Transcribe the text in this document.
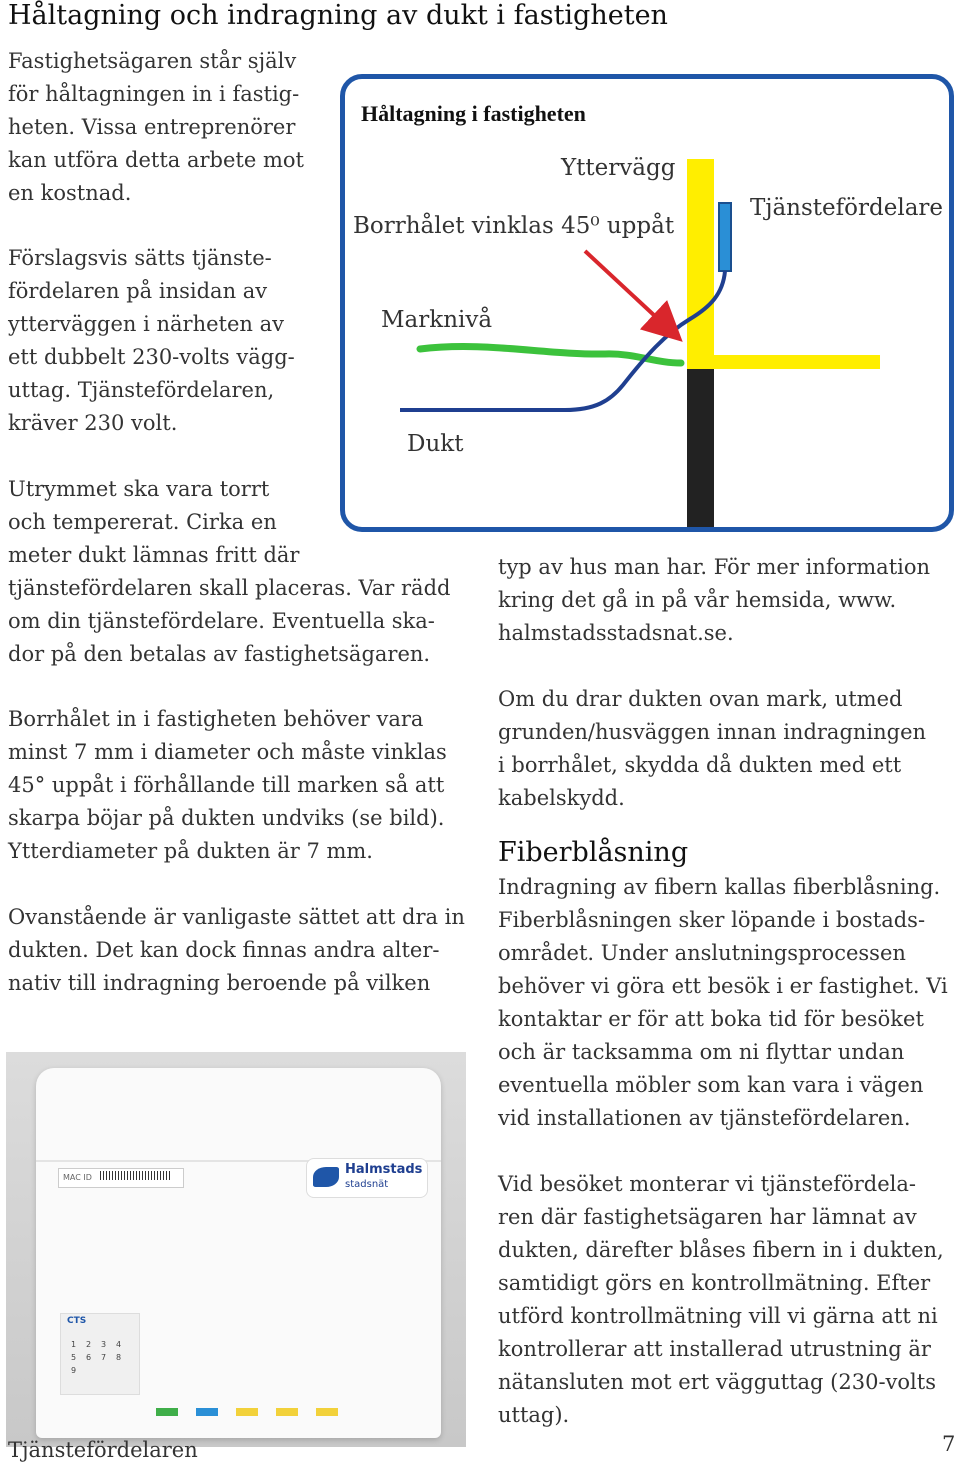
Håltagning och indragning av dukt i fastigheten
Fastighetsägaren står själv
för håltagningen in i fastig-
heten. Vissa entreprenörer
kan utföra detta arbete mot
en kostnad.
Förslagsvis sätts tjänste-
fördelaren på insidan av
ytterväggen i närheten av
ett dubbelt 230-volts vägg-
uttag. Tjänstefördelaren,
kräver 230 volt.
Utrymmet ska vara torrt
och tempererat. Cirka en
meter dukt lämnas fritt där
tjänstefördelaren skall placeras. Var rädd
om din tjänstefördelare. Eventuella ska-
dor på den betalas av fastighetsägaren.
Borrhålet in i fastigheten behöver vara
minst 7 mm i diameter och måste vinklas
45° uppåt i förhållande till marken så att
skarpa böjar på dukten undviks (se bild).
Ytterdiameter på dukten är 7 mm.
Ovanstående är vanligaste sättet att dra in
dukten. Det kan dock finnas andra alter-
nativ till indragning beroende på vilken
typ av hus man har. För mer information
kring det gå in på vår hemsida, www.
halmstadsstadsnat.se.
Om du drar dukten ovan mark, utmed
grunden/husväggen innan indragningen
i borrhålet, skydda då dukten med ett
kabelskydd.
Fiberblåsning
Indragning av fibern kallas fiberblåsning.
Fiberblåsningen sker löpande i bostads-
området. Under anslutningsprocessen
behöver vi göra ett besök i er fastighet. Vi
kontaktar er för att boka tid för besöket
och är tacksamma om ni flyttar undan
eventuella möbler som kan vara i vägen
vid installationen av tjänstefördelaren.
Vid besöket monterar vi tjänstefördela-
ren där fastighetsägaren har lämnat av
dukten, därefter blåses fibern in i dukten,
samtidigt görs en kontrollmätning. Efter
utförd kontrollmätning vill vi gärna att ni
kontrollerar att installerad utrustning är
nätansluten mot ert vägguttag (230-volts
uttag).
Håltagning i fastigheten
Yttervägg
Borrhålet vinklas 45⁰ uppåt
Tjänstefördelare
Marknivå
Dukt
MAC ID
Halmstads
stadsnät
CTS
1	2	3	4
5	6	7	8
9
Tjänstefördelaren	7
